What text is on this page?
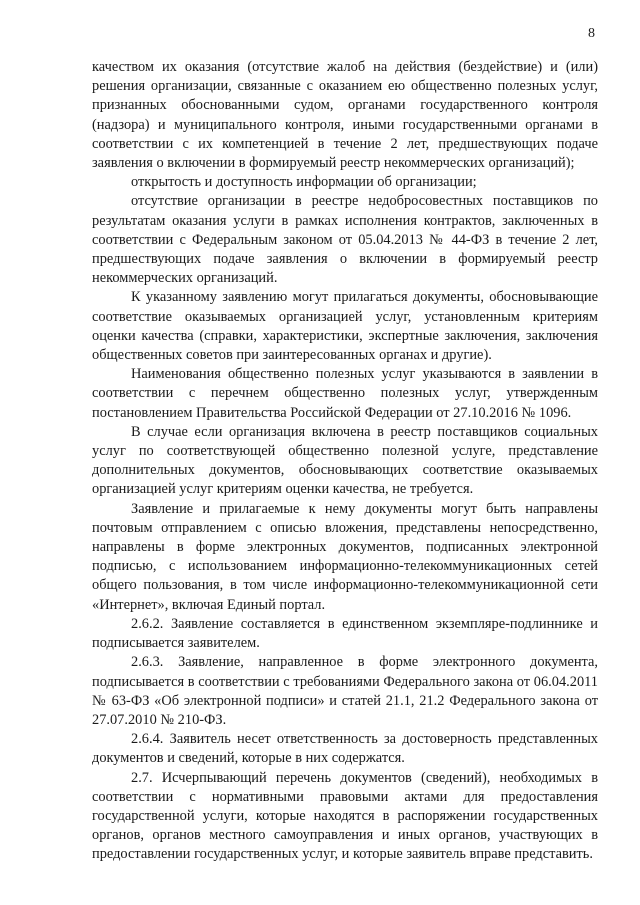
8

качеством их оказания (отсутствие жалоб на действия (бездействие) и (или) решения организации, связанные с оказанием ею общественно полезных услуг, признанных обоснованными судом, органами государственного контроля (надзора) и муниципального контроля, иными государственными органами в соответствии с их компетенцией в течение 2 лет, предшествующих подаче заявления о включении в формируемый реестр некоммерческих организаций);

открытость и доступность информации об организации;

отсутствие организации в реестре недобросовестных поставщиков по результатам оказания услуги в рамках исполнения контрактов, заключенных в соответствии с Федеральным законом от 05.04.2013 № 44-ФЗ в течение 2 лет, предшествующих подаче заявления о включении в формируемый реестр некоммерческих организаций.

К указанному заявлению могут прилагаться документы, обосновывающие соответствие оказываемых организацией услуг, установленным критериям оценки качества (справки, характеристики, экспертные заключения, заключения общественных советов при заинтересованных органах и другие).

Наименования общественно полезных услуг указываются в заявлении в соответствии с перечнем общественно полезных услуг, утвержденным постановлением Правительства Российской Федерации от 27.10.2016 № 1096.

В случае если организация включена в реестр поставщиков социальных услуг по соответствующей общественно полезной услуге, представление дополнительных документов, обосновывающих соответствие оказываемых организацией услуг критериям оценки качества, не требуется.

Заявление и прилагаемые к нему документы могут быть направлены почтовым отправлением с описью вложения, представлены непосредственно, направлены в форме электронных документов, подписанных электронной подписью, с использованием информационно-телекоммуникационных сетей общего пользования, в том числе информационно-телекоммуникационной сети «Интернет», включая Единый портал.

2.6.2. Заявление составляется в единственном экземпляре-подлиннике и подписывается заявителем.

2.6.3. Заявление, направленное в форме электронного документа, подписывается в соответствии с требованиями Федерального закона от 06.04.2011 № 63-ФЗ «Об электронной подписи» и статей 21.1, 21.2 Федерального закона от 27.07.2010 № 210-ФЗ.

2.6.4. Заявитель несет ответственность за достоверность представленных документов и сведений, которые в них содержатся.

2.7. Исчерпывающий перечень документов (сведений), необходимых в соответствии с нормативными правовыми актами для предоставления государственной услуги, которые находятся в распоряжении государственных органов, органов местного самоуправления и иных органов, участвующих в предоставлении государственных услуг, и которые заявитель вправе представить.
